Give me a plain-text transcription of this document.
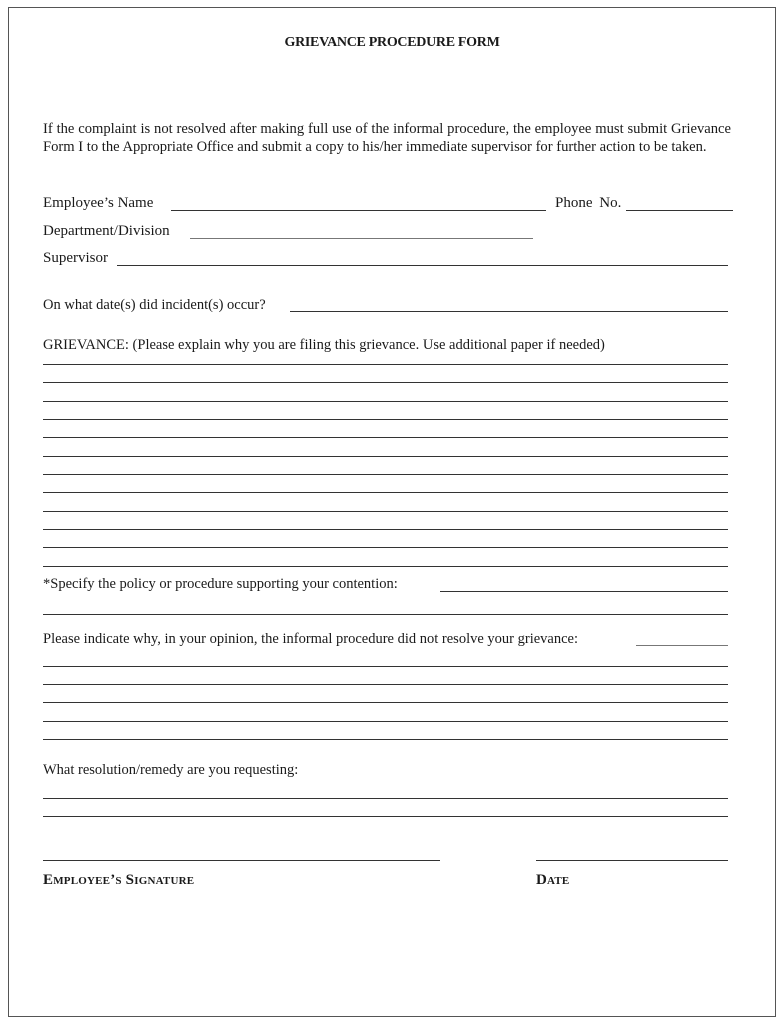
GRIEVANCE PROCEDURE FORM
If the complaint is not resolved after making full use of the informal procedure, the employee must submit Grievance Form I to the Appropriate Office and submit a copy to his/her immediate supervisor for further action to be taken.
Employee’s Name	Phone No.
Department/Division
Supervisor
On what date(s) did incident(s) occur?
GRIEVANCE: (Please explain why you are filing this grievance. Use additional paper if needed)
*Specify the policy or procedure supporting your contention:
Please indicate why, in your opinion, the informal procedure did not resolve your grievance:
What resolution/remedy are you requesting:
Employee’s Signature	Date
